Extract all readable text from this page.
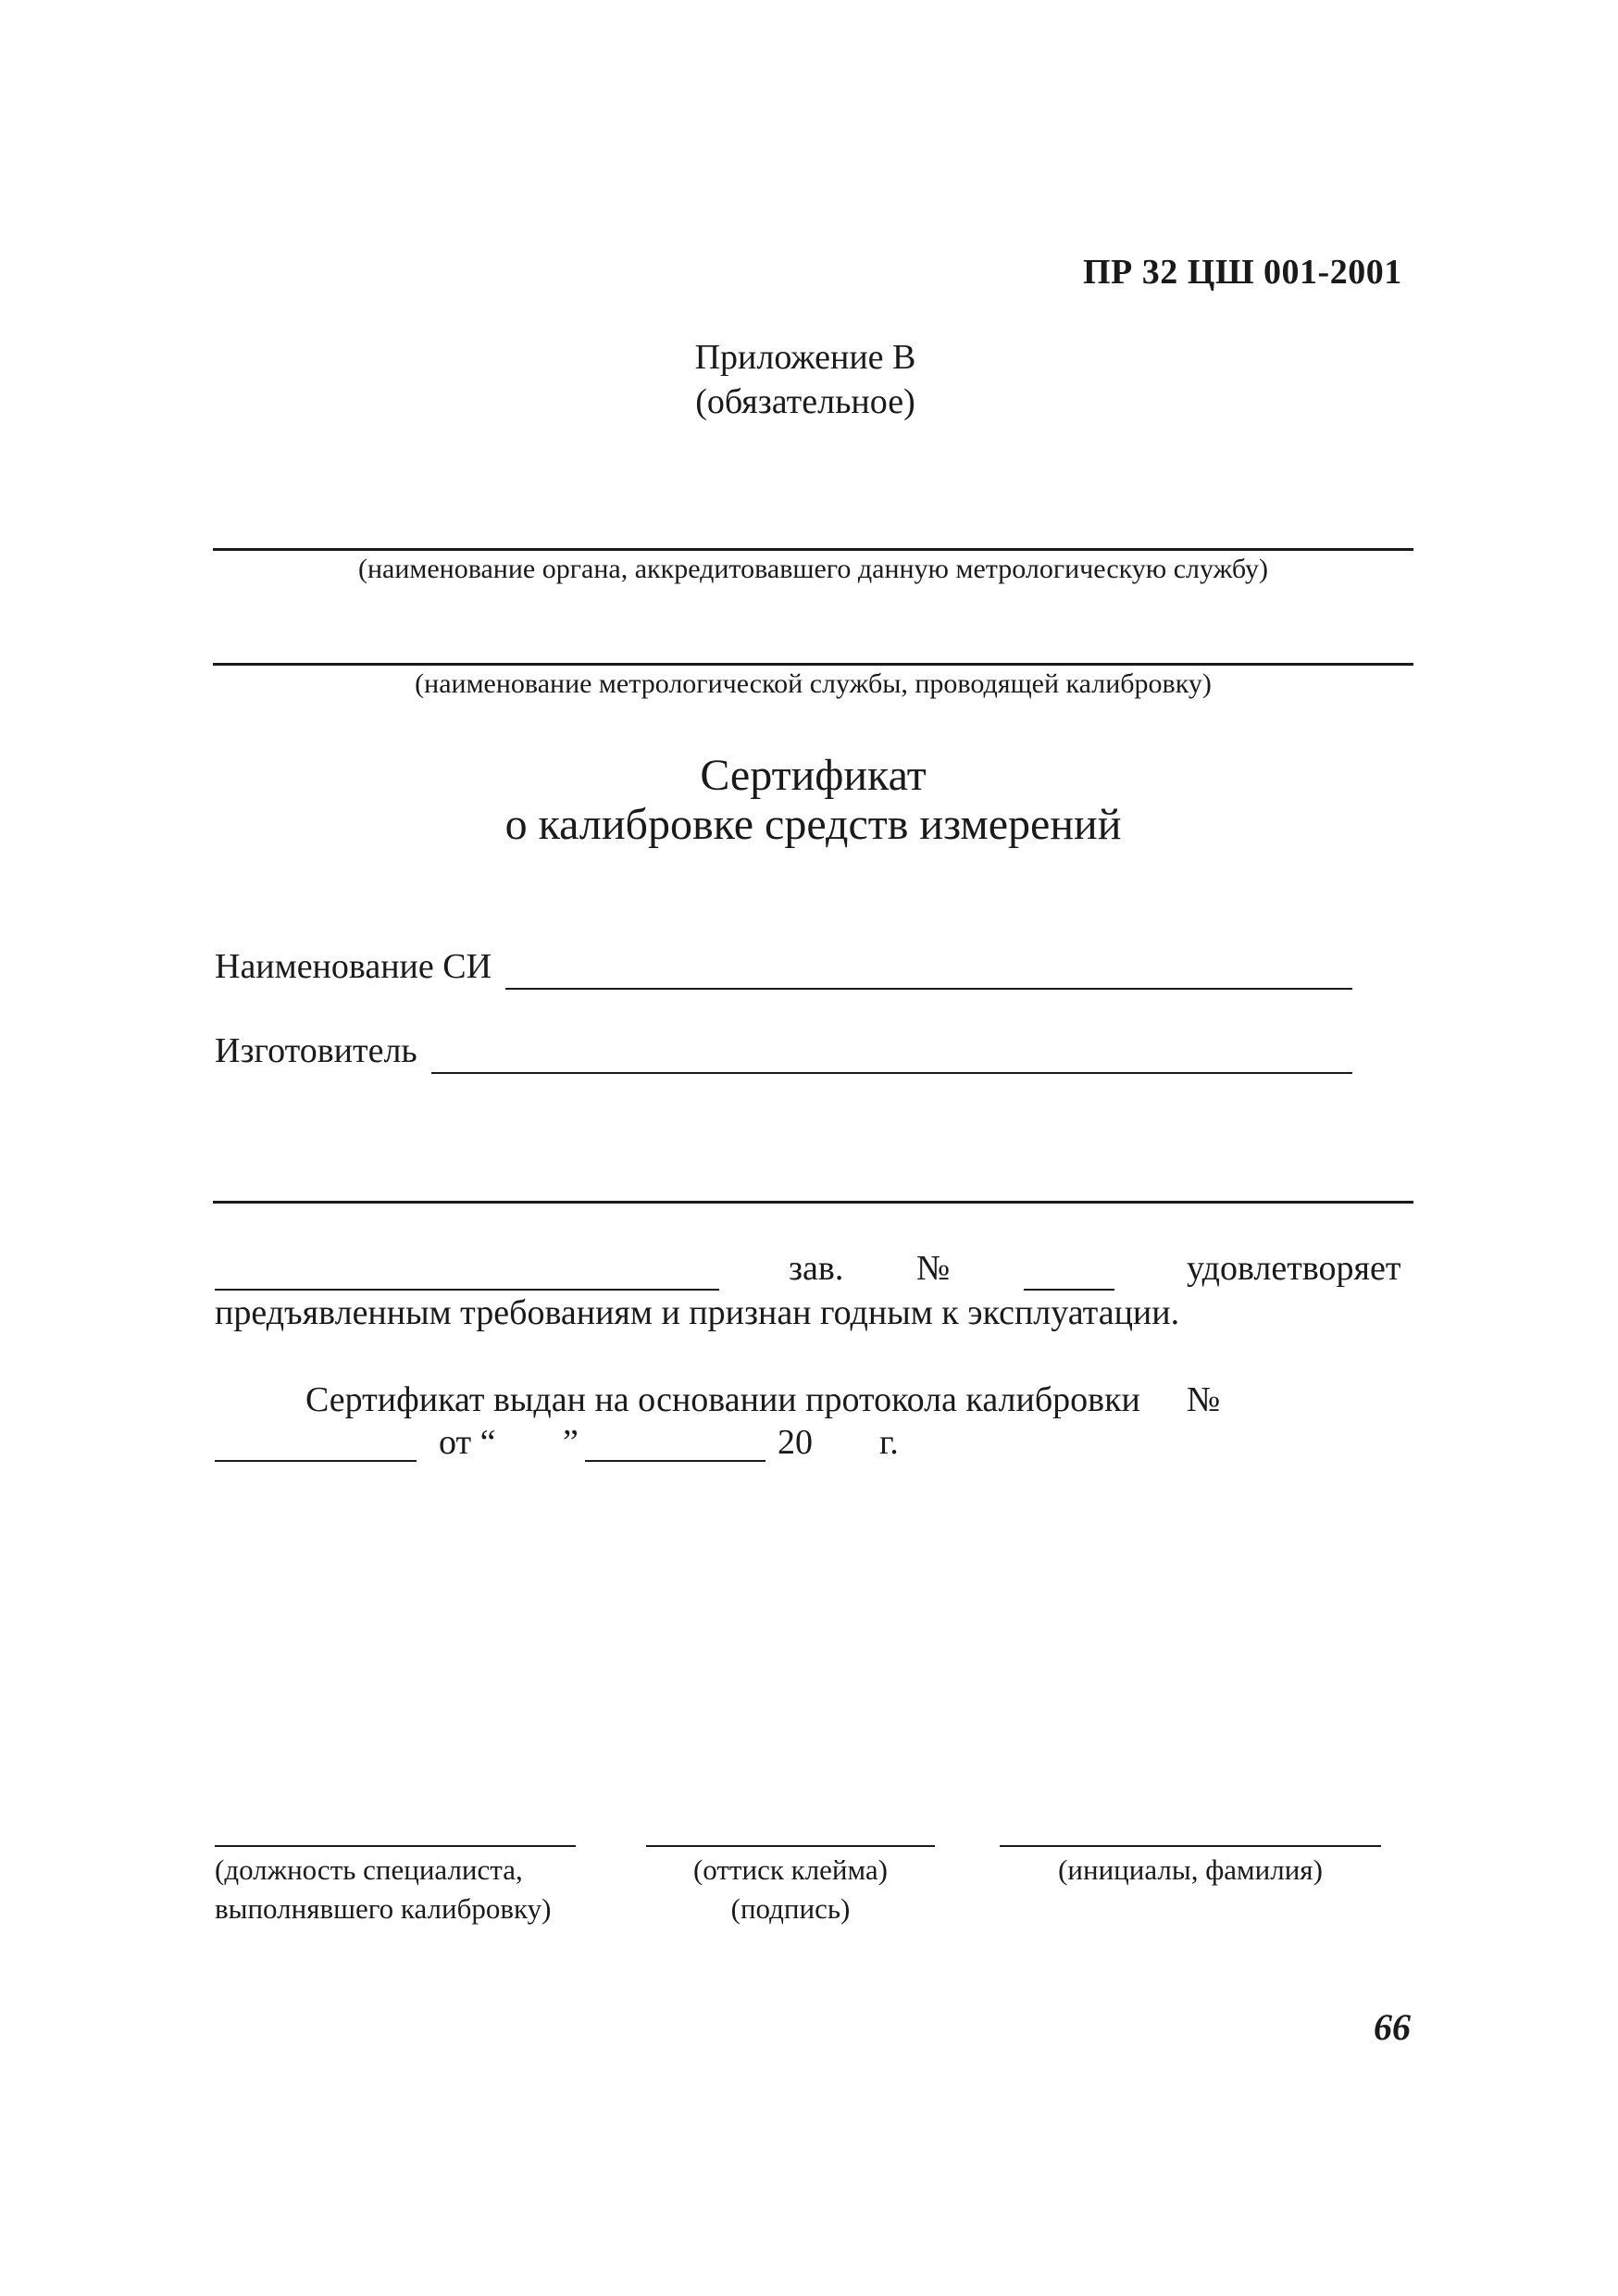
ПР 32 ЦШ 001-2001
Приложение В
(обязательное)
(наименование органа, аккредитовавшего данную метрологическую службу)
(наименование метрологической службы, проводящей калибровку)
Сертификат
о калибровке средств измерений
Наименование СИ
Изготовитель
зав. №	удовлетворяет
предъявленным требованиям и признан годным к эксплуатации.
Сертификат выдан на основании протокола калибровки №
от “ ”	20 г.
(должность специалиста,
выполнявшего калибровку)
(оттиск клейма)
(подпись)
(инициалы, фамилия)
66
